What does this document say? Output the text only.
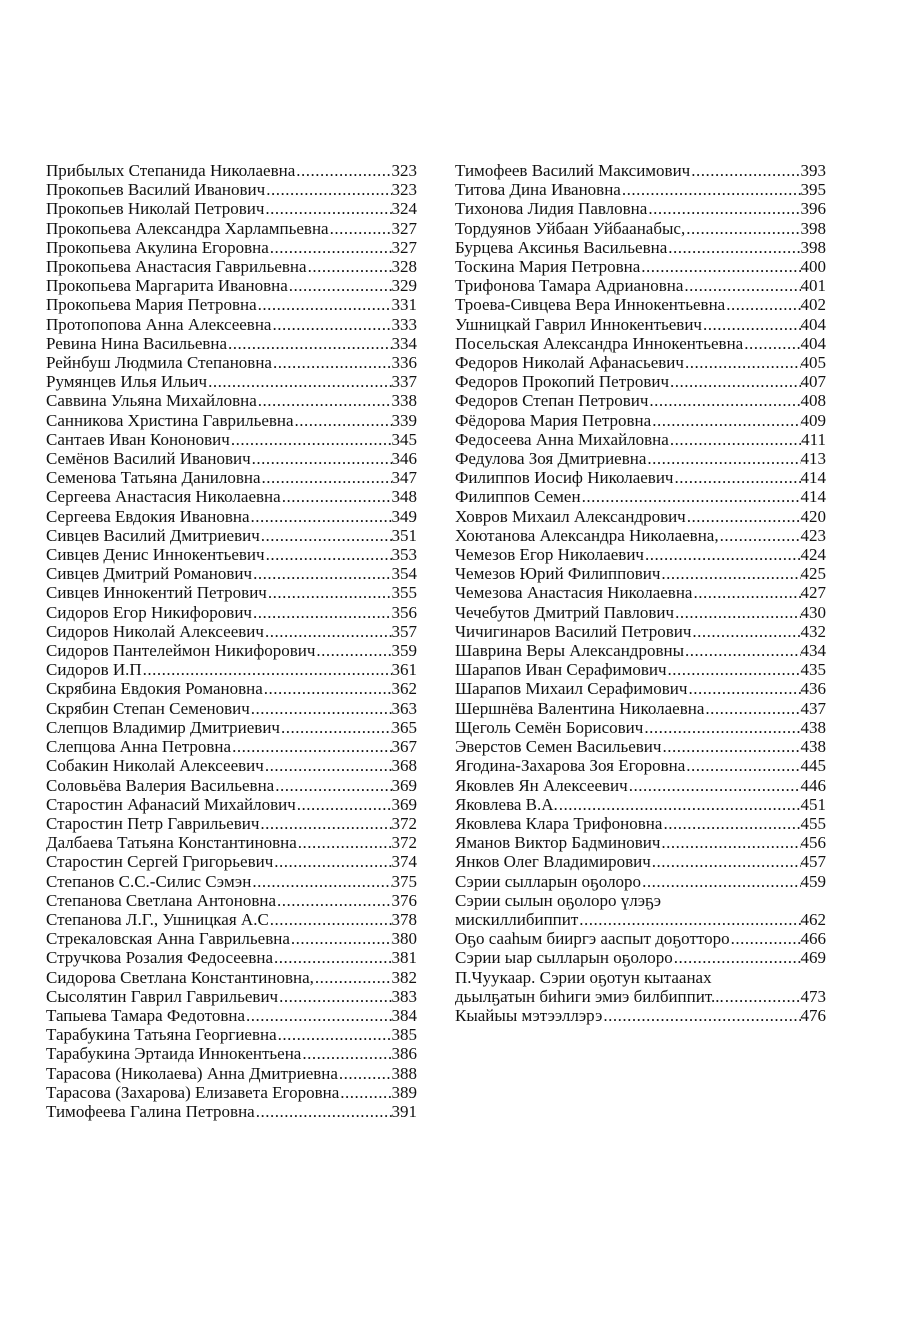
Прибылых Степанида Николаевна .....	323
Прокопьев Василий Иванович .....	323
Прокопьев Николай Петрович .....	324
Прокопьева Александра Харлампьевна .....	327
Прокопьева Акулина Егоровна .....	327
Прокопьева Анастасия Гаврильевна .....	328
Прокопьева Маргарита Ивановна .....	329
Прокопьева Мария Петровна .....	331
Протопопова Анна Алексеевна .....	333
Ревина Нина Васильевна .....	334
Рейнбуш Людмила Степановна .....	336
Румянцев Илья Ильич .....	337
Саввина Ульяна Михайловна .....	338
Санникова Христина Гаврильевна .....	339
Сантаев Иван Кононович .....	345
Семёнов Василий Иванович .....	346
Семенова Татьяна Даниловна .....	347
Сергеева Анастасия Николаевна .....	348
Сергеева Евдокия Ивановна .....	349
Сивцев Василий Дмитриевич .....	351
Сивцев Денис Иннокентьевич .....	353
Сивцев Дмитрий Романович .....	354
Сивцев Иннокентий Петрович .....	355
Сидоров Егор Никифорович .....	356
Сидоров Николай Алексеевич .....	357
Сидоров Пантелеймон Никифорович .....	359
Сидоров И.П .....	361
Скрябина Евдокия Романовна .....	362
Скрябин Степан Семенович .....	363
Слепцов Владимир Дмитриевич .....	365
Слепцова Анна Петровна .....	367
Собакин Николай Алексеевич .....	368
Соловьёва Валерия Васильевна .....	369
Старостин Афанасий Михайлович .....	369
Старостин Петр Гаврильевич .....	372
Далбаева Татьяна Константиновна .....	372
Старостин Сергей Григорьевич .....	374
Степанов С.С.-Силис Сэмэн .....	375
Степанова Светлана Антоновна .....	376
Степанова Л.Г., Ушницкая А.С .....	378
Стрекаловская Анна Гаврильевна .....	380
Стручкова Розалия Федосеевна .....	381
Сидорова Светлана Константиновна, .....	382
Сысолятин Гаврил Гаврильевич .....	383
Тапыева Тамара Федотовна .....	384
Тарабукина Татьяна Георгиевна .....	385
Тарабукина Эртаида Иннокентьена .....	386
Тарасова (Николаева) Анна Дмитриевна .....	388
Тарасова (Захарова) Елизавета Егоровна .....	389
Тимофеева Галина Петровна .....	391
Тимофеев Василий Максимович .....	393
Титова Дина Ивановна .....	395
Тихонова Лидия Павловна .....	396
Тордуянов Уйбаан Уйбаанабыс, .....	398
Бурцева Аксинья Васильевна .....	398
Тоскина Мария Петровна .....	400
Трифонова Тамара Адриановна .....	401
Троева-Сивцева Вера Иннокентьевна .....	402
Ушницкай Гаврил Иннокентьевич .....	404
Посельская Александра Иннокентьевна .....	404
Федоров Николай Афанасьевич .....	405
Федоров Прокопий Петрович .....	407
Федоров Степан Петрович .....	408
Фёдорова Мария Петровна .....	409
Федосеева Анна Михайловна .....	411
Федулова Зоя Дмитриевна .....	413
Филиппов Иосиф Николаевич .....	414
Филиппов Семен .....	414
Ховров Михаил Александрович .....	420
Хоютанова Александра Николаевна, .....	423
Чемезов Егор Николаевич .....	424
Чемезов Юрий Филиппович .....	425
Чемезова Анастасия Николаевна .....	427
Чечебутов Дмитрий Павлович .....	430
Чичигинаров Василий Петрович .....	432
Шаврина Веры Александровны .....	434
Шарапов Иван Серафимович .....	435
Шарапов Михаил Серафимович .....	436
Шершнёва Валентина Николаевна .....	437
Щеголь Семён Борисович .....	438
Эверстов Семен Васильевич .....	438
Ягодина-Захарова Зоя Егоровна .....	445
Яковлев Ян Алексеевич .....	446
Яковлева В.А. .....	451
Яковлева Клара Трифоновна .....	455
Яманов Виктор Бадминович .....	456
Янков Олег Владимирович .....	457
Сэрии сылларын оҕолоро .....	459
Сэрии сылын оҕолоро үлэҕэ
мискиллибиппит .....	462
Оҕо сааһым бииргэ ааспыт доҕотторо .....	466
Сэрии ыар сылларын оҕолоро .....	469
П.Чуукаар. Сэрии оҕотун кытаанах
дьылҕатын биһиги эмиэ билбиппит... .....	473
Кыайыы мэтээллэрэ .....	476
